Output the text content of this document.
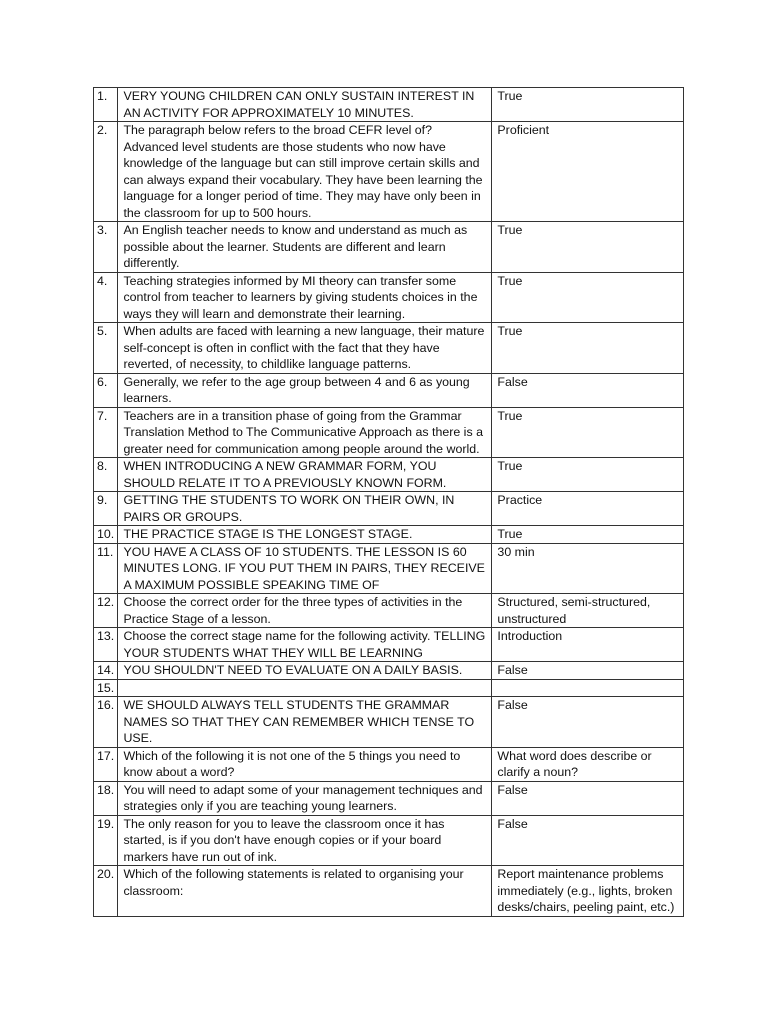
1.	VERY YOUNG CHILDREN CAN ONLY SUSTAIN INTEREST IN AN ACTIVITY FOR APPROXIMATELY 10 MINUTES.	True
2.	The paragraph below refers to the broad CEFR level of? Advanced level students are those students who now have knowledge of the language but can still improve certain skills and can always expand their vocabulary. They have been learning the language for a longer period of time. They may have only been in the classroom for up to 500 hours.	Proficient
3.	An English teacher needs to know and understand as much as possible about the learner. Students are different and learn differently.	True
4.	Teaching strategies informed by MI theory can transfer some control from teacher to learners by giving students choices in the ways they will learn and demonstrate their learning.	True
5.	When adults are faced with learning a new language, their mature self-concept is often in conflict with the fact that they have reverted, of necessity, to childlike language patterns.	True
6.	Generally, we refer to the age group between 4 and 6 as young learners.	False
7.	Teachers are in a transition phase of going from the Grammar Translation Method to The Communicative Approach as there is a greater need for communication among people around the world.	True
8.	WHEN INTRODUCING A NEW GRAMMAR FORM, YOU SHOULD RELATE IT TO A PREVIOUSLY KNOWN FORM.	True
9.	GETTING THE STUDENTS TO WORK ON THEIR OWN, IN PAIRS OR GROUPS.	Practice
10.	THE PRACTICE STAGE IS THE LONGEST STAGE.	True
11.	YOU HAVE A CLASS OF 10 STUDENTS. THE LESSON IS 60 MINUTES LONG. IF YOU PUT THEM IN PAIRS, THEY RECEIVE A MAXIMUM POSSIBLE SPEAKING TIME OF	30 min
12.	Choose the correct order for the three types of activities in the Practice Stage of a lesson.	Structured, semi-structured, unstructured
13.	Choose the correct stage name for the following activity. TELLING YOUR STUDENTS WHAT THEY WILL BE LEARNING	Introduction
14.	YOU SHOULDN'T NEED TO EVALUATE ON A DAILY BASIS.	False
15.		
16.	WE SHOULD ALWAYS TELL STUDENTS THE GRAMMAR NAMES SO THAT THEY CAN REMEMBER WHICH TENSE TO USE.	False
17.	Which of the following it is not one of the 5 things you need to know about a word?	What word does describe or clarify a noun?
18.	You will need to adapt some of your management techniques and strategies only if you are teaching young learners.	False
19.	The only reason for you to leave the classroom once it has started, is if you don't have enough copies or if your board markers have run out of ink.	False
20.	Which of the following statements is related to organising your classroom:	Report maintenance problems immediately (e.g., lights, broken desks/chairs, peeling paint, etc.)
